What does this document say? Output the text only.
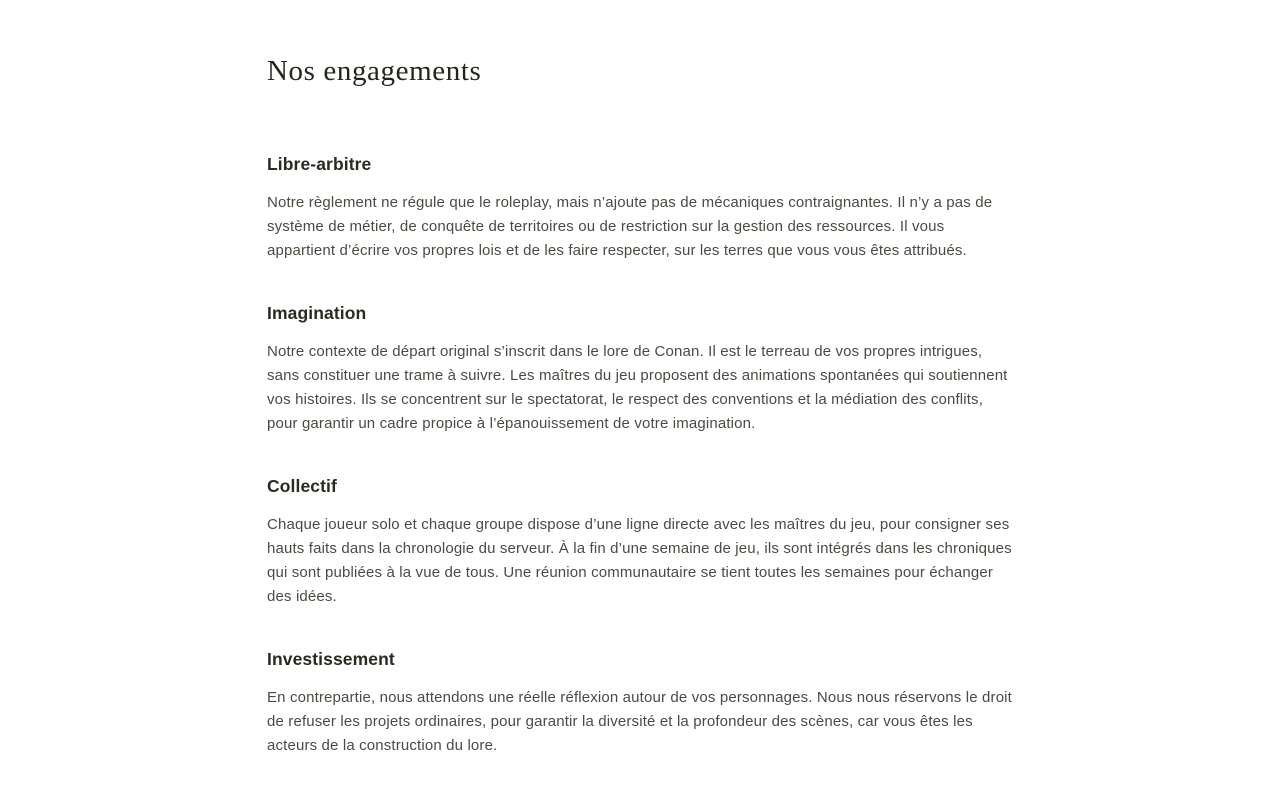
Nos engagements
Libre-arbitre

Notre règlement ne régule que le roleplay, mais n’ajoute pas de mécaniques contraignantes. Il n’y a pas de système de métier, de conquête de territoires ou de restriction sur la gestion des ressources. Il vous appartient d’écrire vos propres lois et de les faire respecter, sur les terres que vous vous êtes attribués.

Imagination

Notre contexte de départ original s’inscrit dans le lore de Conan. Il est le terreau de vos propres intrigues, sans constituer une trame à suivre. Les maîtres du jeu proposent des animations spontanées qui soutiennent vos histoires. Ils se concentrent sur le spectatorat, le respect des conventions et la médiation des conflits, pour garantir un cadre propice à l’épanouissement de votre imagination.

Collectif

Chaque joueur solo et chaque groupe dispose d’une ligne directe avec les maîtres du jeu, pour consigner ses hauts faits dans la chronologie du serveur. À la fin d’une semaine de jeu, ils sont intégrés dans les chroniques qui sont publiées à la vue de tous. Une réunion communautaire se tient toutes les semaines pour échanger des idées.

Investissement

En contrepartie, nous attendons une réelle réflexion autour de vos personnages. Nous nous réservons le droit de refuser les projets ordinaires, pour garantir la diversité et la profondeur des scènes, car vous êtes les acteurs de la construction du lore.
